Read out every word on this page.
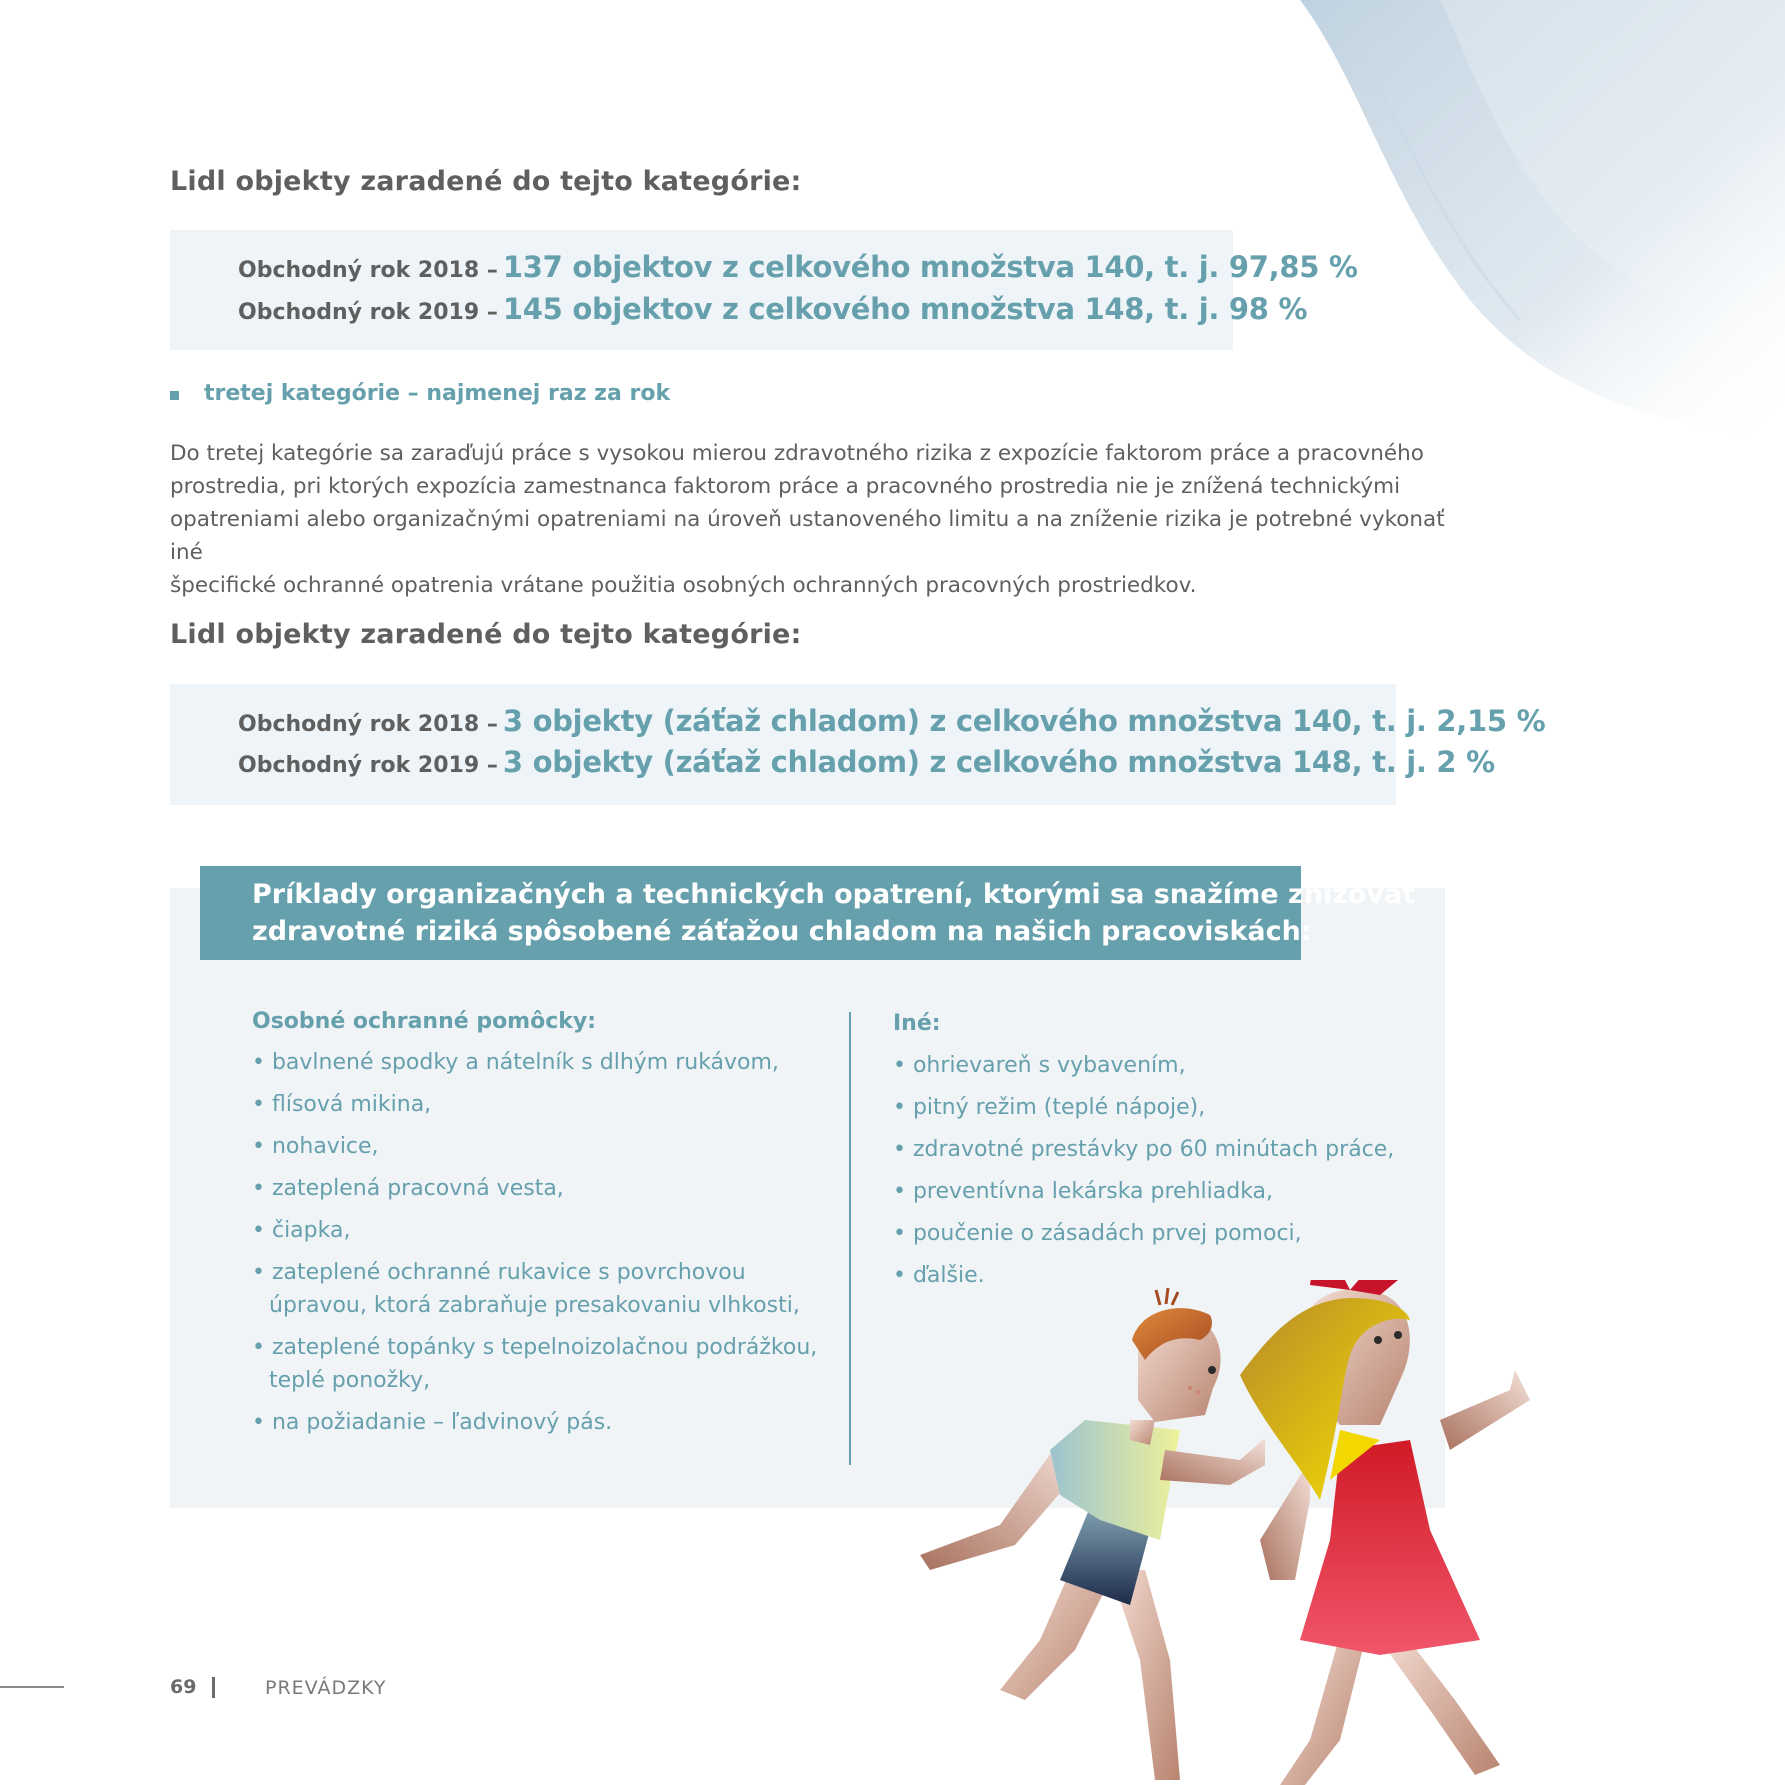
Lidl objekty zaradené do tejto kategórie:
Obchodný rok 2018 – 137 objektov z celkového množstva 140, t. j. 97,85 %
Obchodný rok 2019 – 145 objektov z celkového množstva 148, t. j. 98 %
tretej kategórie – najmenej raz za rok
Do tretej kategórie sa zaraďujú práce s vysokou mierou zdravotného rizika z expozície faktorom práce a pracovného
prostredia, pri ktorých expozícia zamestnanca faktorom práce a pracovného prostredia nie je znížená technickými
opatreniami alebo organizačnými opatreniami na úroveň ustanoveného limitu a na zníženie rizika je potrebné vykonať iné
špecifické ochranné opatrenia vrátane použitia osobných ochranných pracovných prostriedkov.
Lidl objekty zaradené do tejto kategórie:
Obchodný rok 2018 – 3 objekty (záťaž chladom) z celkového množstva 140, t. j. 2,15 %
Obchodný rok 2019 – 3 objekty (záťaž chladom) z celkového množstva 148, t. j. 2 %
Príklady organizačných a technických opatrení, ktorými sa snažíme znižovať
zdravotné riziká spôsobené záťažou chladom na našich pracoviskách:
Osobné ochranné pomôcky:
• bavlnené spodky a nátelník s dlhým rukávom,
• flísová mikina,
• nohavice,
• zateplená pracovná vesta,
• čiapka,
• zateplené ochranné rukavice s povrchovou
úpravou, ktorá zabraňuje presakovaniu vlhkosti,
• zateplené topánky s tepelnoizolačnou podrážkou,
teplé ponožky,
• na požiadanie – ľadvinový pás.
Iné:
• ohrievareň s vybavením,
• pitný režim (teplé nápoje),
• zdravotné prestávky po 60 minútach práce,
• preventívna lekárska prehliadka,
• poučenie o zásadách prvej pomoci,
• ďalšie.
69	PREVÁDZKY
